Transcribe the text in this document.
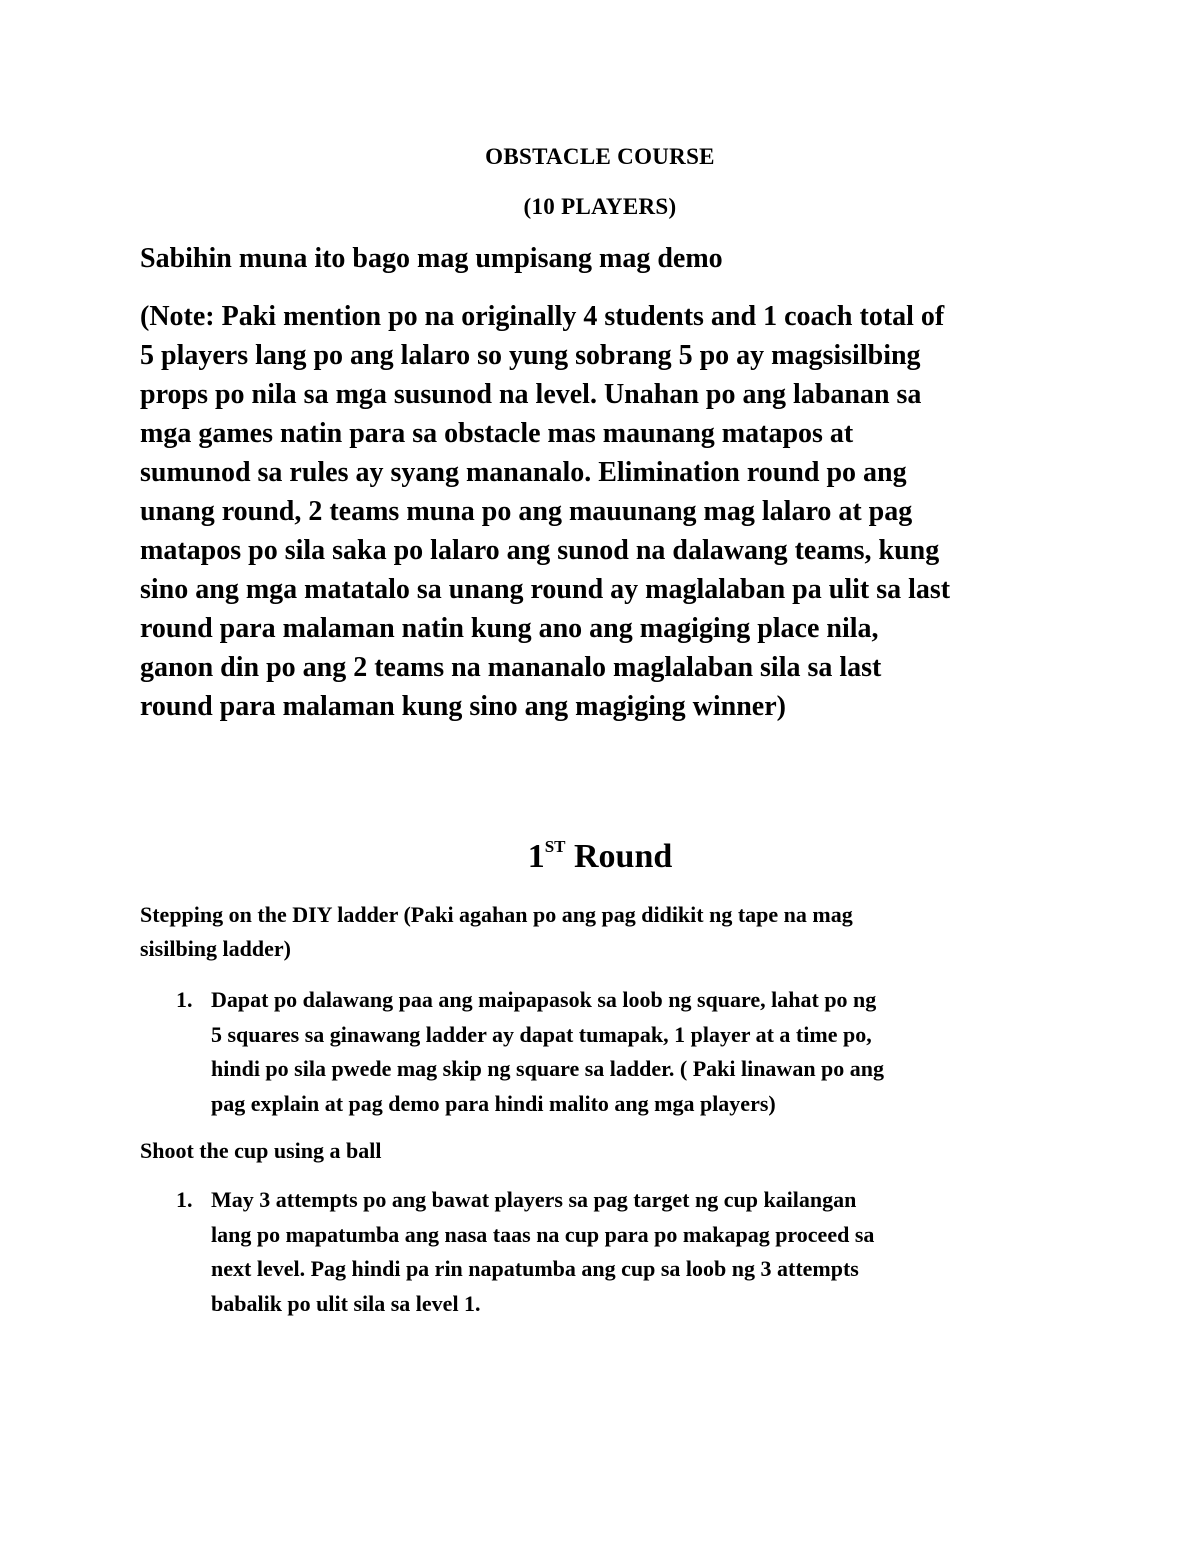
OBSTACLE COURSE
(10 PLAYERS)

Sabihin muna ito bago mag umpisang mag demo

(Note: Paki mention po na originally 4 students and 1 coach total of
5 players lang po ang lalaro so yung sobrang 5 po ay magsisilbing
props po nila sa mga susunod na level. Unahan po ang labanan sa
mga games natin para sa obstacle mas maunang matapos at
sumunod sa rules ay syang mananalo. Elimination round po ang
unang round, 2 teams muna po ang mauunang mag lalaro at pag
matapos po sila saka po lalaro ang sunod na dalawang teams, kung
sino ang mga matatalo sa unang round ay maglalaban pa ulit sa last
round para malaman natin kung ano ang magiging place nila,
ganon din po ang 2 teams na mananalo maglalaban sila sa last
round para malaman kung sino ang magiging winner)

1ST Round

Stepping on the DIY ladder (Paki agahan po ang pag didikit ng tape na mag
sisilbing ladder)

1. Dapat po dalawang paa ang maipapasok sa loob ng square, lahat po ng
5 squares sa ginawang ladder ay dapat tumapak, 1 player at a time po,
hindi po sila pwede mag skip ng square sa ladder. ( Paki linawan po ang
pag explain at pag demo para hindi malito ang mga players)

Shoot the cup using a ball

1. May 3 attempts po ang bawat players sa pag target ng cup kailangan
lang po mapatumba ang nasa taas na cup para po makapag proceed sa
next level. Pag hindi pa rin napatumba ang cup sa loob ng 3 attempts
babalik po ulit sila sa level 1.
